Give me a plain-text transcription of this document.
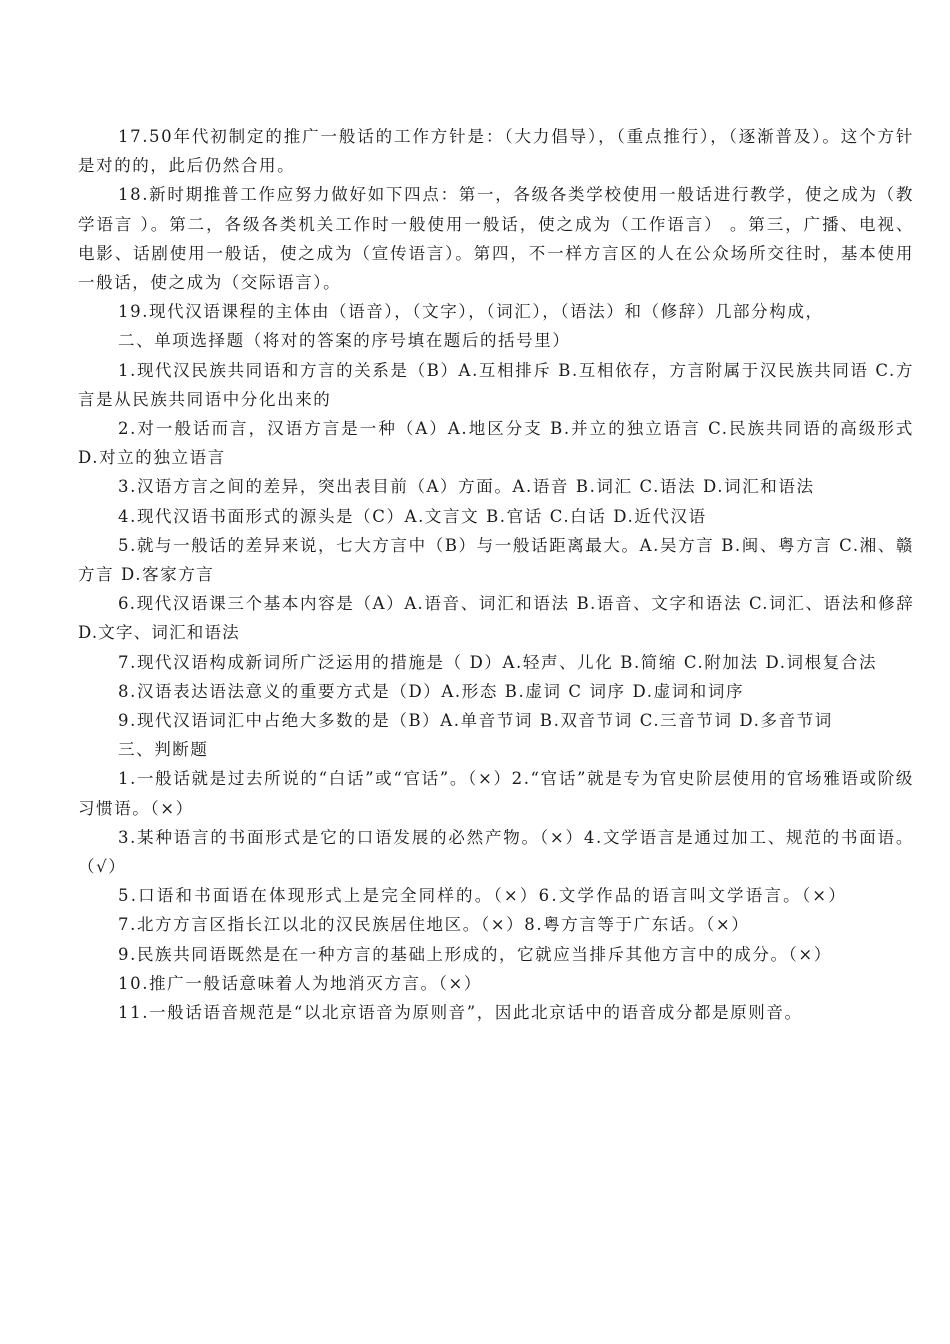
17.50年代初制定的推广一般话的工作方针是：（大力倡导），（重点推行），（逐渐普及）。这个方针是对的的，此后仍然合用。

18.新时期推普工作应努力做好如下四点：第一，各级各类学校使用一般话进行教学，使之成为（教学语言 ）。第二，各级各类机关工作时一般使用一般话，使之成为（工作语言） 。第三，广播、电视、电影、话剧使用一般话，使之成为（宣传语言）。第四，不一样方言区的人在公众场所交往时，基本使用一般话，使之成为（交际语言）。

19.现代汉语课程的主体由（语音），（文字），（词汇），（语法）和（修辞）几部分构成，

二、单项选择题（将对的答案的序号填在题后的括号里）

1.现代汉民族共同语和方言的关系是（B）A.互相排斥 B.互相依存，方言附属于汉民族共同语 C.方言是从民族共同语中分化出来的

2.对一般话而言，汉语方言是一种（A）A.地区分支 B.并立的独立语言 C.民族共同语的高级形式 D.对立的独立语言

3.汉语方言之间的差异，突出表目前（A）方面。A.语音 B.词汇 C.语法 D.词汇和语法

4.现代汉语书面形式的源头是（C）A.文言文 B.官话 C.白话 D.近代汉语

5.就与一般话的差异来说，七大方言中（B）与一般话距离最大。A.吴方言 B.闽、粤方言 C.湘、赣方言 D.客家方言

6.现代汉语课三个基本内容是（A）A.语音、词汇和语法 B.语音、文字和语法 C.词汇、语法和修辞 D.文字、词汇和语法

7.现代汉语构成新词所广泛运用的措施是（ D）A.轻声、儿化 B.简缩 C.附加法 D.词根复合法

8.汉语表达语法意义的重要方式是（D）A.形态 B.虚词 C 词序 D.虚词和词序

9.现代汉语词汇中占绝大多数的是（B）A.单音节词 B.双音节词 C.三音节词 D.多音节词

三、判断题

1.一般话就是过去所说的“白话”或“官话”。（×）2.“官话”就是专为官史阶层使用的官场雅语或阶级习惯语。（×）

3.某种语言的书面形式是它的口语发展的必然产物。（×）4.文学语言是通过加工、规范的书面语。（√）

5.口语和书面语在体现形式上是完全同样的。（×）6.文学作品的语言叫文学语言。（×）

7.北方方言区指长江以北的汉民族居住地区。（×）8.粤方言等于广东话。（×）

9.民族共同语既然是在一种方言的基础上形成的，它就应当排斥其他方言中的成分。（×）

10.推广一般话意味着人为地消灭方言。（×）

11.一般话语音规范是“以北京语音为原则音”，因此北京话中的语音成分都是原则音。
